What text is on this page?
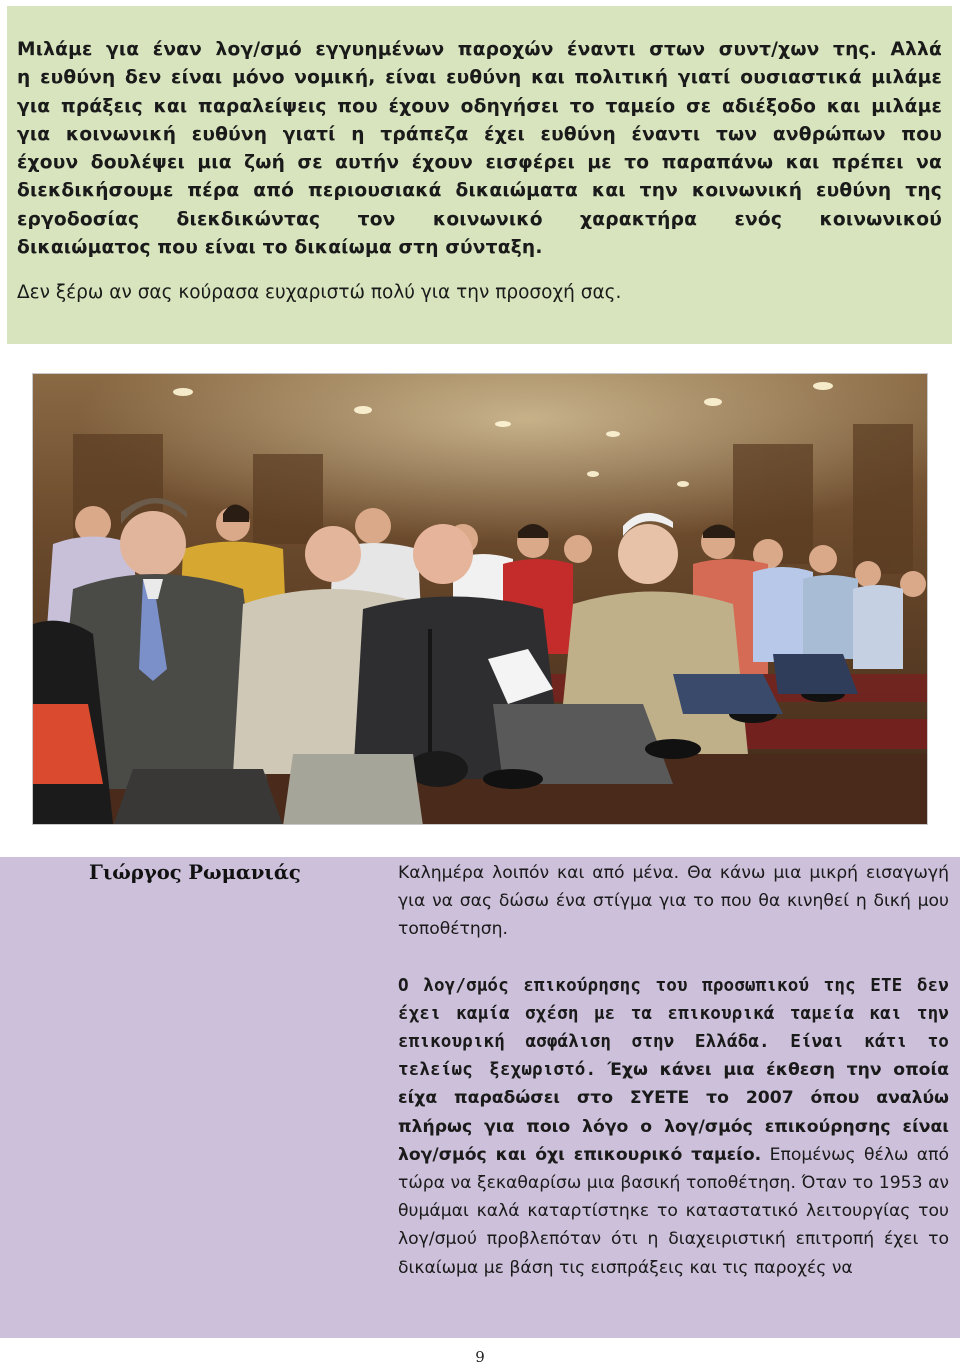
Μιλάμε για έναν λογ/σμό εγγυημένων παροχών έναντι στων συντ/χων της. Αλλά
η ευθύνη δεν είναι μόνο νομική, είναι ευθύνη και πολιτική γιατί ουσιαστικά μιλάμε
για πράξεις και παραλείψεις που έχουν οδηγήσει το ταμείο σε αδιέξοδο και μιλάμε
για κοινωνική ευθύνη γιατί η τράπεζα έχει ευθύνη έναντι των ανθρώπων που
έχουν δουλέψει μια ζωή σε αυτήν έχουν εισφέρει με το παραπάνω και πρέπει να
διεκδικήσουμε πέρα από περιουσιακά δικαιώματα και την κοινωνική ευθύνη της
εργοδοσίας διεκδικώντας τον κοινωνικό χαρακτήρα ενός κοινωνικού
δικαιώματος που είναι το δικαίωμα στη σύνταξη.
Δεν ξέρω αν σας κούρασα ευχαριστώ πολύ για την προσοχή σας.
Γιώργος Ρωμανιάς	Καλημέρα λοιπόν και από μένα. Θα κάνω μια μικρή εισαγωγή για να σας δώσω ένα στίγμα για το που θα κινηθεί η δική μου τοποθέτηση.

Ο λογ/σμός επικούρησης του προσωπικού της ΕΤΕ δεν έχει καμία σχέση με τα επικουρικά ταμεία και την επικουρική ασφάλιση στην Ελλάδα. Είναι κάτι το τελείως ξεχωριστό. Έχω κάνει μια έκθεση την οποία είχα παραδώσει στο ΣΥΕΤΕ το 2007 όπου αναλύω πλήρως για ποιο λόγο ο λογ/σμός επικούρησης είναι λογ/σμός και όχι επικουρικό ταμείο. Επομένως θέλω από τώρα να ξεκαθαρίσω μια βασική τοποθέτηση. Όταν το 1953 αν θυμάμαι καλά καταρτίστηκε το καταστατικό λειτουργίας του λογ/σμού προβλεπόταν ότι η διαχειριστική επιτροπή έχει το δικαίωμα με βάση τις εισπράξεις και τις παροχές να

9
